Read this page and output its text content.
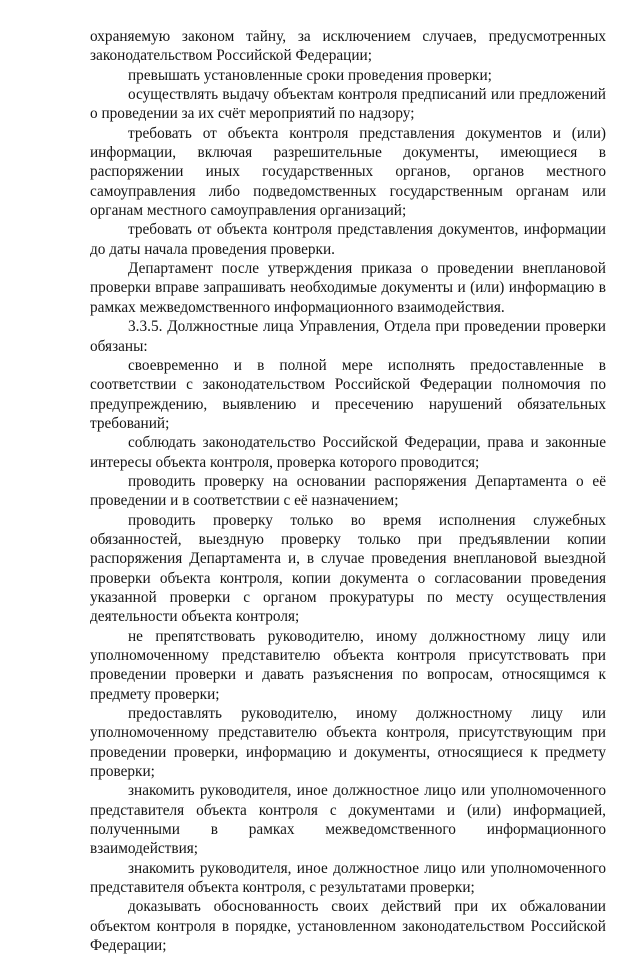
охраняемую законом тайну, за исключением случаев, предусмотренных законодательством Российской Федерации;

превышать установленные сроки проведения проверки;

осуществлять выдачу объектам контроля предписаний или предложений о проведении за их счёт мероприятий по надзору;

требовать от объекта контроля представления документов и (или) информации, включая разрешительные документы, имеющиеся в распоряжении иных государственных органов, органов местного самоуправления либо подведомственных государственным органам или органам местного самоуправления организаций;

требовать от объекта контроля представления документов, информации до даты начала проведения проверки.

Департамент после утверждения приказа о проведении внеплановой проверки вправе запрашивать необходимые документы и (или) информацию в рамках межведомственного информационного взаимодействия.

3.3.5. Должностные лица Управления, Отдела при проведении проверки обязаны:

своевременно и в полной мере исполнять предоставленные в соответствии с законодательством Российской Федерации полномочия по предупреждению, выявлению и пресечению нарушений обязательных требований;

соблюдать законодательство Российской Федерации, права и законные интересы объекта контроля, проверка которого проводится;

проводить проверку на основании распоряжения Департамента о её проведении и в соответствии с её назначением;

проводить проверку только во время исполнения служебных обязанностей, выездную проверку только при предъявлении копии распоряжения Департамента и, в случае проведения внеплановой выездной проверки объекта контроля, копии документа о согласовании проведения указанной проверки с органом прокуратуры по месту осуществления деятельности объекта контроля;

не препятствовать руководителю, иному должностному лицу или уполномоченному представителю объекта контроля присутствовать при проведении проверки и давать разъяснения по вопросам, относящимся к предмету проверки;

предоставлять руководителю, иному должностному лицу или уполномоченному представителю объекта контроля, присутствующим при проведении проверки, информацию и документы, относящиеся к предмету проверки;

знакомить руководителя, иное должностное лицо или уполномоченного представителя объекта контроля с документами и (или) информацией, полученными в рамках межведомственного информационного взаимодействия;

знакомить руководителя, иное должностное лицо или уполномоченного представителя объекта контроля, с результатами проверки;

доказывать обоснованность своих действий при их обжаловании объектом контроля в порядке, установленном законодательством Российской Федерации;
